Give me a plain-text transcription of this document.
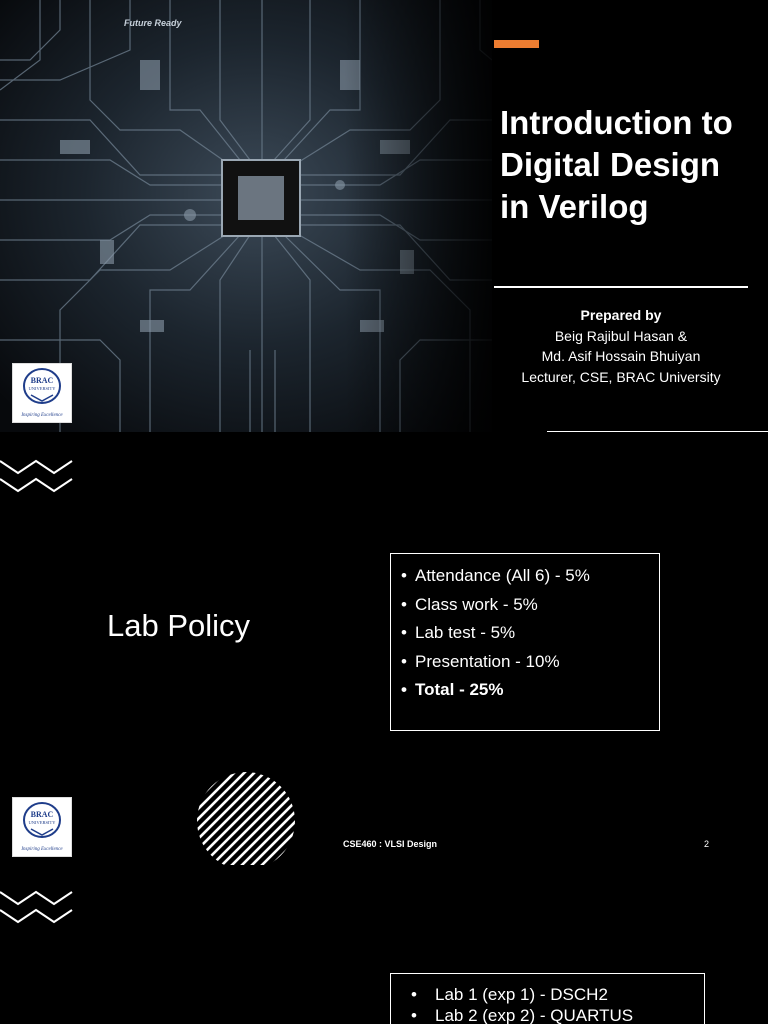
BRAC
UNIVERSITY
Inspiring Excellence
Introduction to Digital Design in Verilog
Prepared by
Beig Rajibul Hasan &
Md. Asif Hossain Bhuiyan
Lecturer, CSE, BRAC University
Lab Policy
• Attendance (All 6) - 5%
• Class work - 5%
• Lab test - 5%
• Presentation - 10%
• Total - 25%
BRAC
UNIVERSITY
Inspiring Excellence
CSE460 : VLSI Design	2
• Lab 1 (exp 1) - DSCH2
• Lab 2 (exp 2) - QUARTUS
